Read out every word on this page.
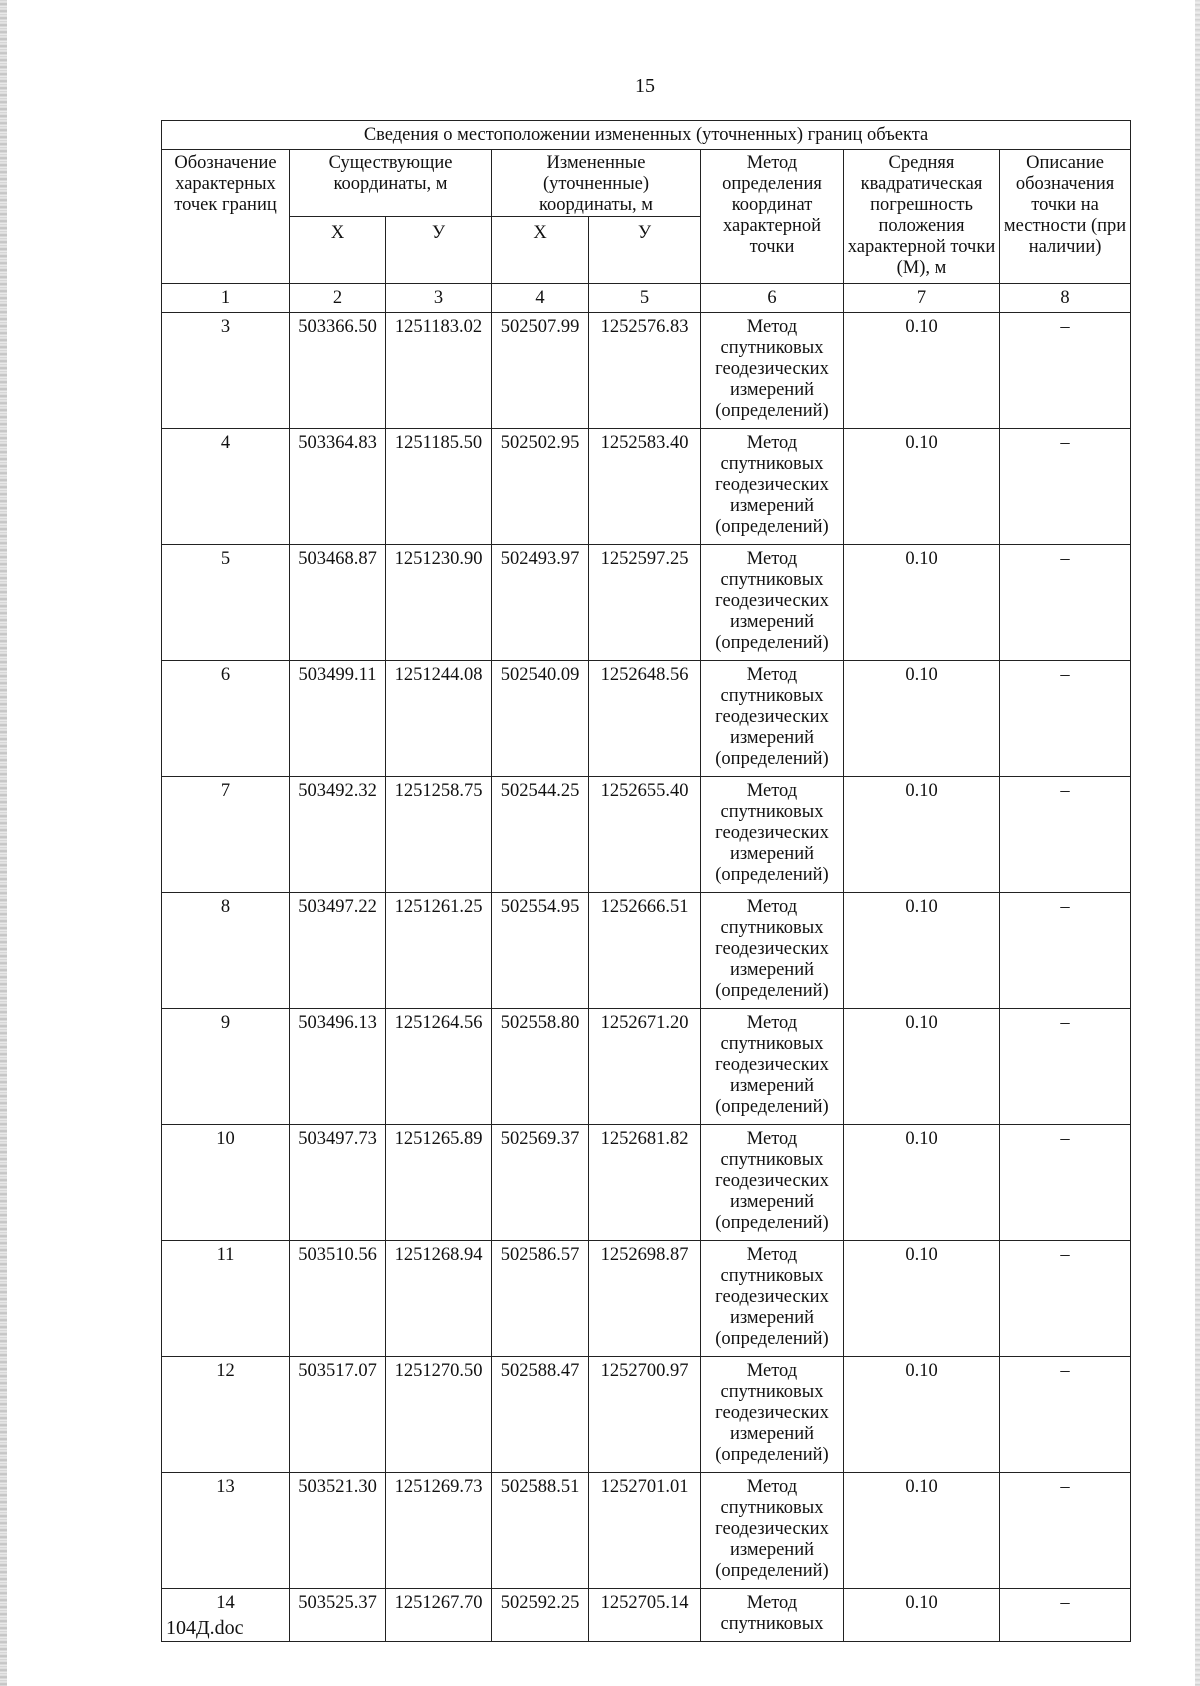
15
Сведения о местоположении измененных (уточненных) границ объекта							
Обозначение характерных точек границ	Существующие координаты, м		Измененные (уточненные) координаты, м		Метод определения координат характерной точки	Средняя квадратическая погрешность положения характерной точки (М), м	Описание обозначения точки на местности (при наличии)
	Х	У	Х	У			
1	2	3	4	5	6	7	8
3	503366.50	1251183.02	502507.99	1252576.83	Метод спутниковых геодезических измерений (определений)	0.10	–
4	503364.83	1251185.50	502502.95	1252583.40	Метод спутниковых геодезических измерений (определений)	0.10	–
5	503468.87	1251230.90	502493.97	1252597.25	Метод спутниковых геодезических измерений (определений)	0.10	–
6	503499.11	1251244.08	502540.09	1252648.56	Метод спутниковых геодезических измерений (определений)	0.10	–
7	503492.32	1251258.75	502544.25	1252655.40	Метод спутниковых геодезических измерений (определений)	0.10	–
8	503497.22	1251261.25	502554.95	1252666.51	Метод спутниковых геодезических измерений (определений)	0.10	–
9	503496.13	1251264.56	502558.80	1252671.20	Метод спутниковых геодезических измерений (определений)	0.10	–
10	503497.73	1251265.89	502569.37	1252681.82	Метод спутниковых геодезических измерений (определений)	0.10	–
11	503510.56	1251268.94	502586.57	1252698.87	Метод спутниковых геодезических измерений (определений)	0.10	–
12	503517.07	1251270.50	502588.47	1252700.97	Метод спутниковых геодезических измерений (определений)	0.10	–
13	503521.30	1251269.73	502588.51	1252701.01	Метод спутниковых геодезических измерений (определений)	0.10	–
14	503525.37	1251267.70	502592.25	1252705.14	Метод спутниковых	0.10	–
104Д.doc
